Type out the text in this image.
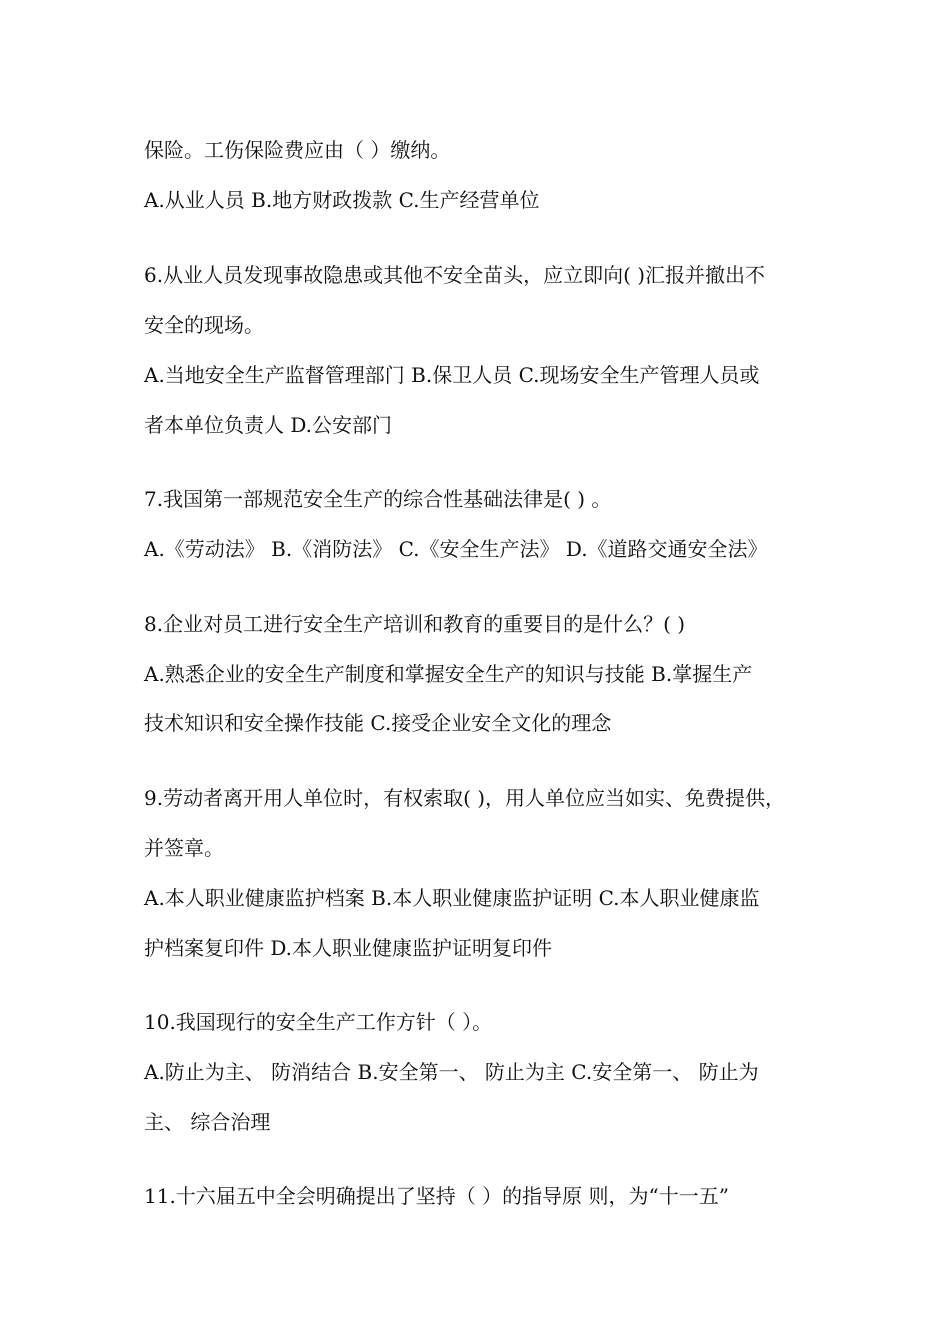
保险。工伤保险费应由（ ）缴纳。
A.从业人员 B.地方财政拨款 C.生产经营单位
6.从业人员发现事故隐患或其他不安全苗头，应立即向( )汇报并撤出不
安全的现场。
A.当地安全生产监督管理部门 B.保卫人员 C.现场安全生产管理人员或
者本单位负责人 D.公安部门
7.我国第一部规范安全生产的综合性基础法律是( ) 。
A.《劳动法》 B.《消防法》 C.《安全生产法》 D.《道路交通安全法》
8.企业对员工进行安全生产培训和教育的重要目的是什么？( )
A.熟悉企业的安全生产制度和掌握安全生产的知识与技能 B.掌握生产
技术知识和安全操作技能 C.接受企业安全文化的理念
9.劳动者离开用人单位时，有权索取( )，用人单位应当如实、免费提供，
并签章。
A.本人职业健康监护档案 B.本人职业健康监护证明 C.本人职业健康监
护档案复印件 D.本人职业健康监护证明复印件
10.我国现行的安全生产工作方针（ ）。
A.防止为主、 防消结合 B.安全第一、 防止为主 C.安全第一、 防止为
主、 综合治理
11.十六届五中全会明确提出了坚持（ ）的指导原 则，为“十一五”
